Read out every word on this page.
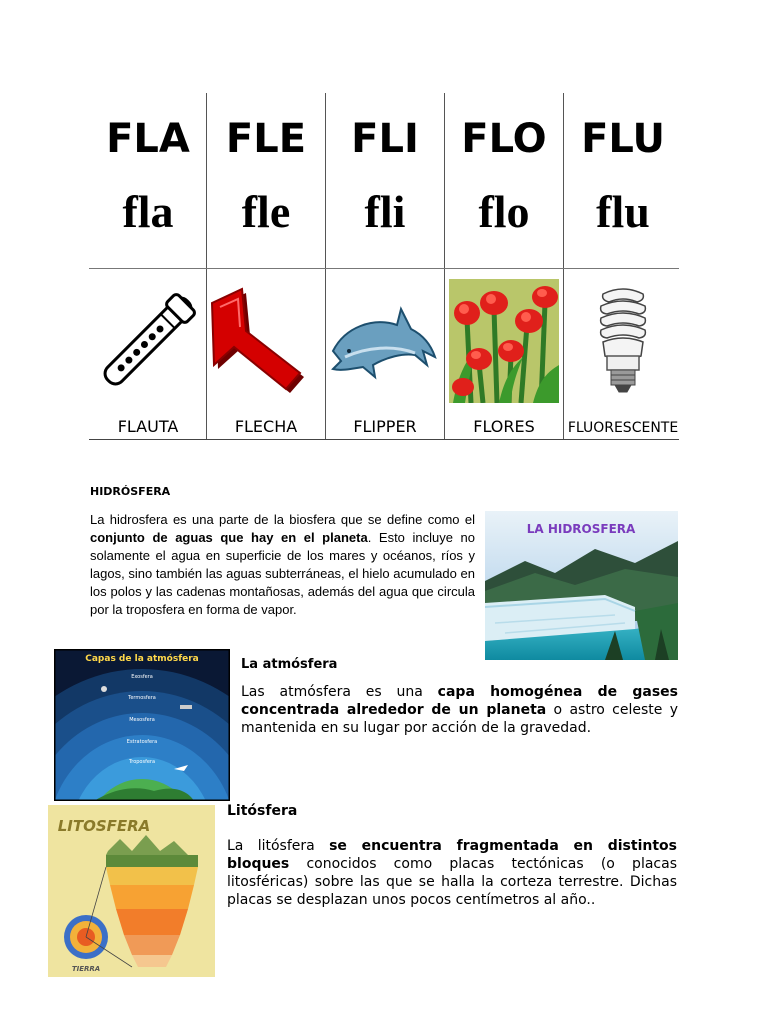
FLA
fla
FLAUTA
FLE
fle
FLECHA
FLI
fli
FLIPPER
FLO
flo
FLORES
FLU
flu
FLUORESCENTE
HIDRÓSFERA
La hidrosfera es una parte de la biosfera que se define como el conjunto de aguas que hay en el planeta. Esto incluye no solamente el agua en superficie de los mares y océanos, ríos y lagos, sino también las aguas subterráneas, el hielo acumulado en los polos y las cadenas montañosas, además del agua que circula por la troposfera en forma de vapor.
LA HIDROSFERA
Capas de la atmósfera
Exosfera
Termosfera
Mesosfera
Estratosfera
Troposfera
La atmósfera
Las atmósfera es una capa homogénea de gases concentrada alrededor de un planeta o astro celeste y mantenida en su lugar por acción de la gravedad.
LITOSFERA
TIERRA
Litósfera
La litósfera se encuentra fragmentada en distintos bloques conocidos como placas tectónicas (o placas litosféricas) sobre las que se halla la corteza terrestre. Dichas placas se desplazan unos pocos centímetros al año..
